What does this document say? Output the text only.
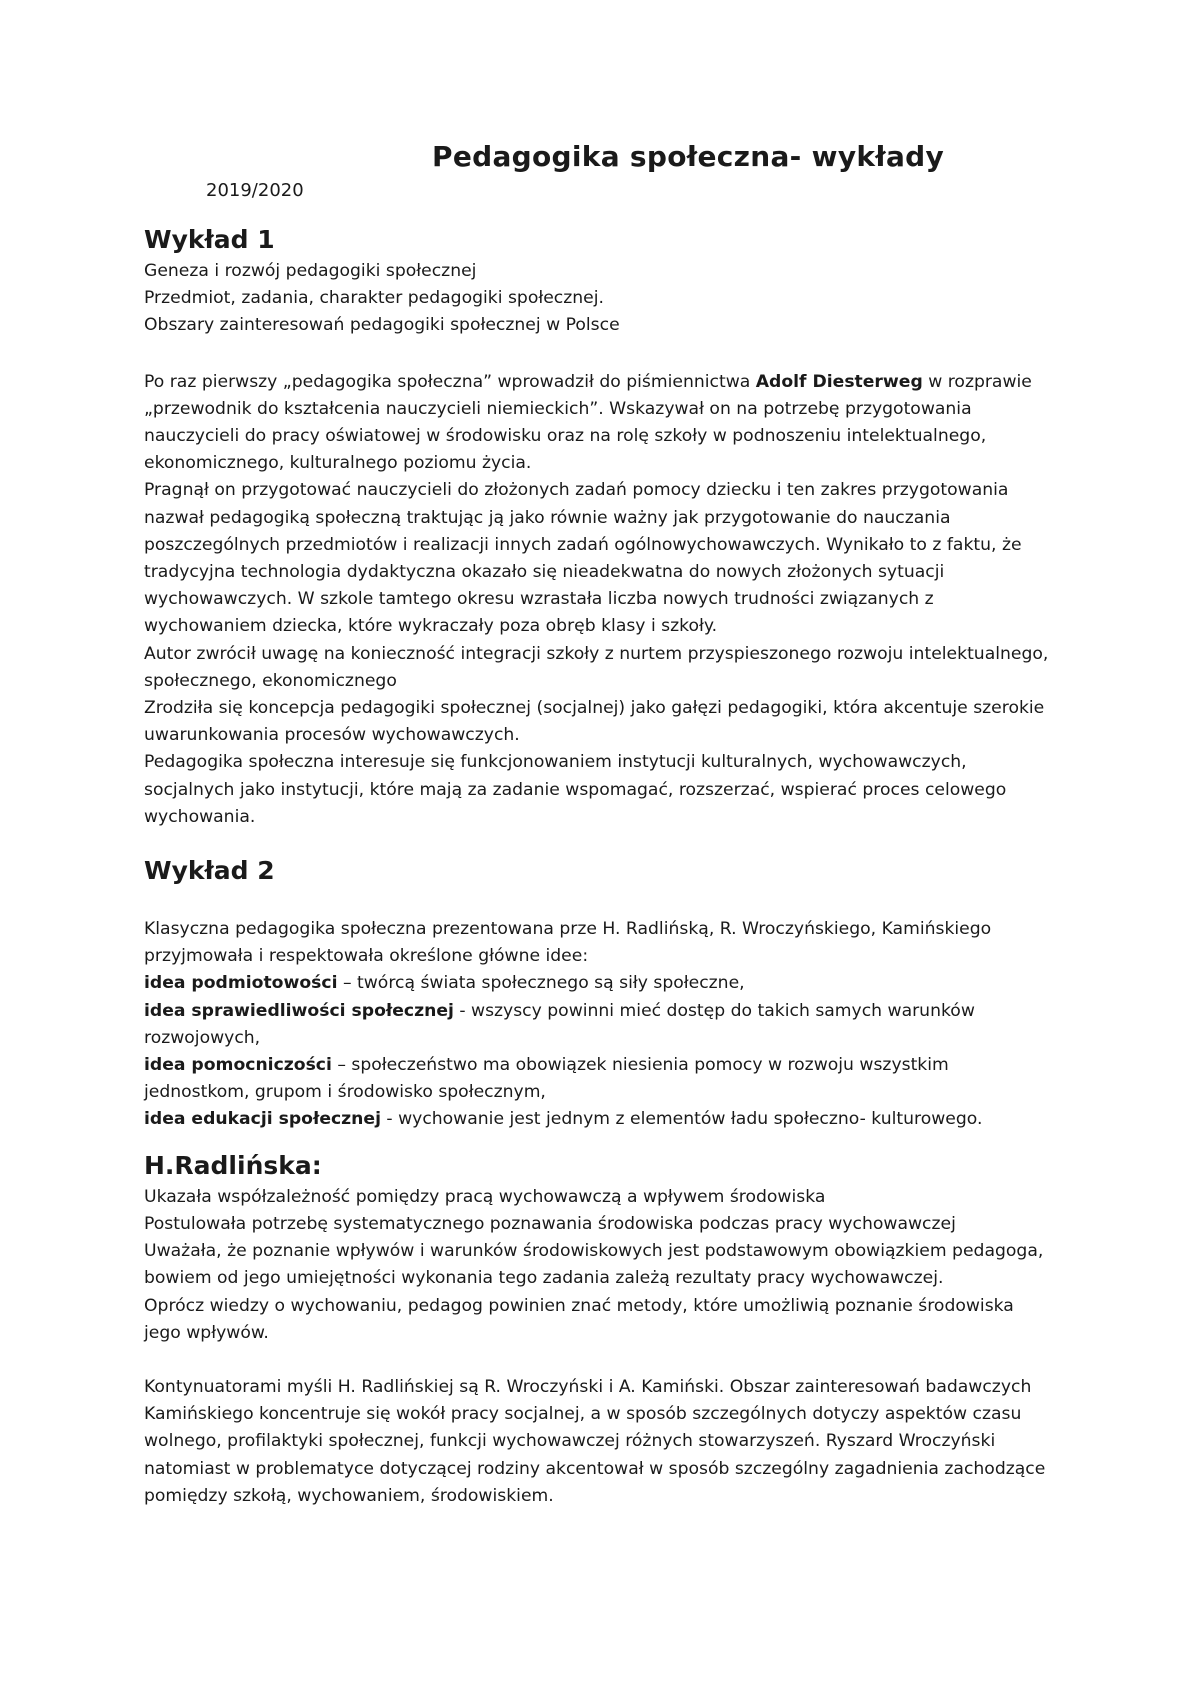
Pedagogika społeczna- wykłady

2019/2020

Wykład 1

Geneza i rozwój pedagogiki społecznej

Przedmiot, zadania, charakter pedagogiki społecznej.

Obszary zainteresowań pedagogiki społecznej w Polsce

Po raz pierwszy „pedagogika społeczna” wprowadził do piśmiennictwa Adolf Diesterweg w rozprawie „przewodnik do kształcenia nauczycieli niemieckich”. Wskazywał on na potrzebę przygotowania nauczycieli do pracy oświatowej w środowisku oraz na rolę szkoły w podnoszeniu intelektualnego, ekonomicznego, kulturalnego poziomu życia.

Pragnął on przygotować nauczycieli do złożonych zadań pomocy dziecku i ten zakres przygotowania nazwał pedagogiką społeczną traktując ją jako równie ważny jak przygotowanie do nauczania poszczególnych przedmiotów i realizacji innych zadań ogólnowychowawczych. Wynikało to z faktu, że tradycyjna technologia dydaktyczna okazało się nieadekwatna do nowych złożonych sytuacji wychowawczych. W szkole tamtego okresu wzrastała liczba nowych trudności związanych z wychowaniem dziecka, które wykraczały poza obręb klasy i szkoły.

Autor zwrócił uwagę na konieczność integracji szkoły z nurtem przyspieszonego rozwoju intelektualnego, społecznego, ekonomicznego

Zrodziła się koncepcja pedagogiki społecznej (socjalnej) jako gałęzi pedagogiki, która akcentuje szerokie uwarunkowania procesów wychowawczych.

Pedagogika społeczna interesuje się funkcjonowaniem instytucji kulturalnych, wychowawczych, socjalnych jako instytucji, które mają za zadanie wspomagać, rozszerzać, wspierać proces celowego wychowania.

Wykład 2

Klasyczna pedagogika społeczna prezentowana prze H. Radlińską, R. Wroczyńskiego, Kamińskiego przyjmowała i respektowała określone główne idee:

idea podmiotowości – twórcą świata społecznego są siły społeczne,

idea sprawiedliwości społecznej - wszyscy powinni mieć dostęp do takich samych warunków rozwojowych,

idea pomocniczości – społeczeństwo ma obowiązek niesienia pomocy w rozwoju wszystkim jednostkom, grupom i środowisko społecznym,

idea edukacji społecznej - wychowanie jest jednym z elementów ładu społeczno- kulturowego.

H.Radlińska:

Ukazała współzależność pomiędzy pracą wychowawczą a wpływem środowiska

Postulowała potrzebę systematycznego poznawania środowiska podczas pracy wychowawczej

Uważała, że poznanie wpływów i warunków środowiskowych jest podstawowym obowiązkiem pedagoga, bowiem od jego umiejętności wykonania tego zadania zależą rezultaty pracy wychowawczej.

Oprócz wiedzy o wychowaniu, pedagog powinien znać metody, które umożliwią poznanie środowiska jego wpływów.

Kontynuatorami myśli H. Radlińskiej są R. Wroczyński i A. Kamiński. Obszar zainteresowań badawczych Kamińskiego koncentruje się wokół pracy socjalnej, a w sposób szczególnych dotyczy aspektów czasu wolnego, profilaktyki społecznej, funkcji wychowawczej różnych stowarzyszeń. Ryszard Wroczyński natomiast w problematyce dotyczącej rodziny akcentował w sposób szczególny zagadnienia zachodzące pomiędzy szkołą, wychowaniem, środowiskiem.
